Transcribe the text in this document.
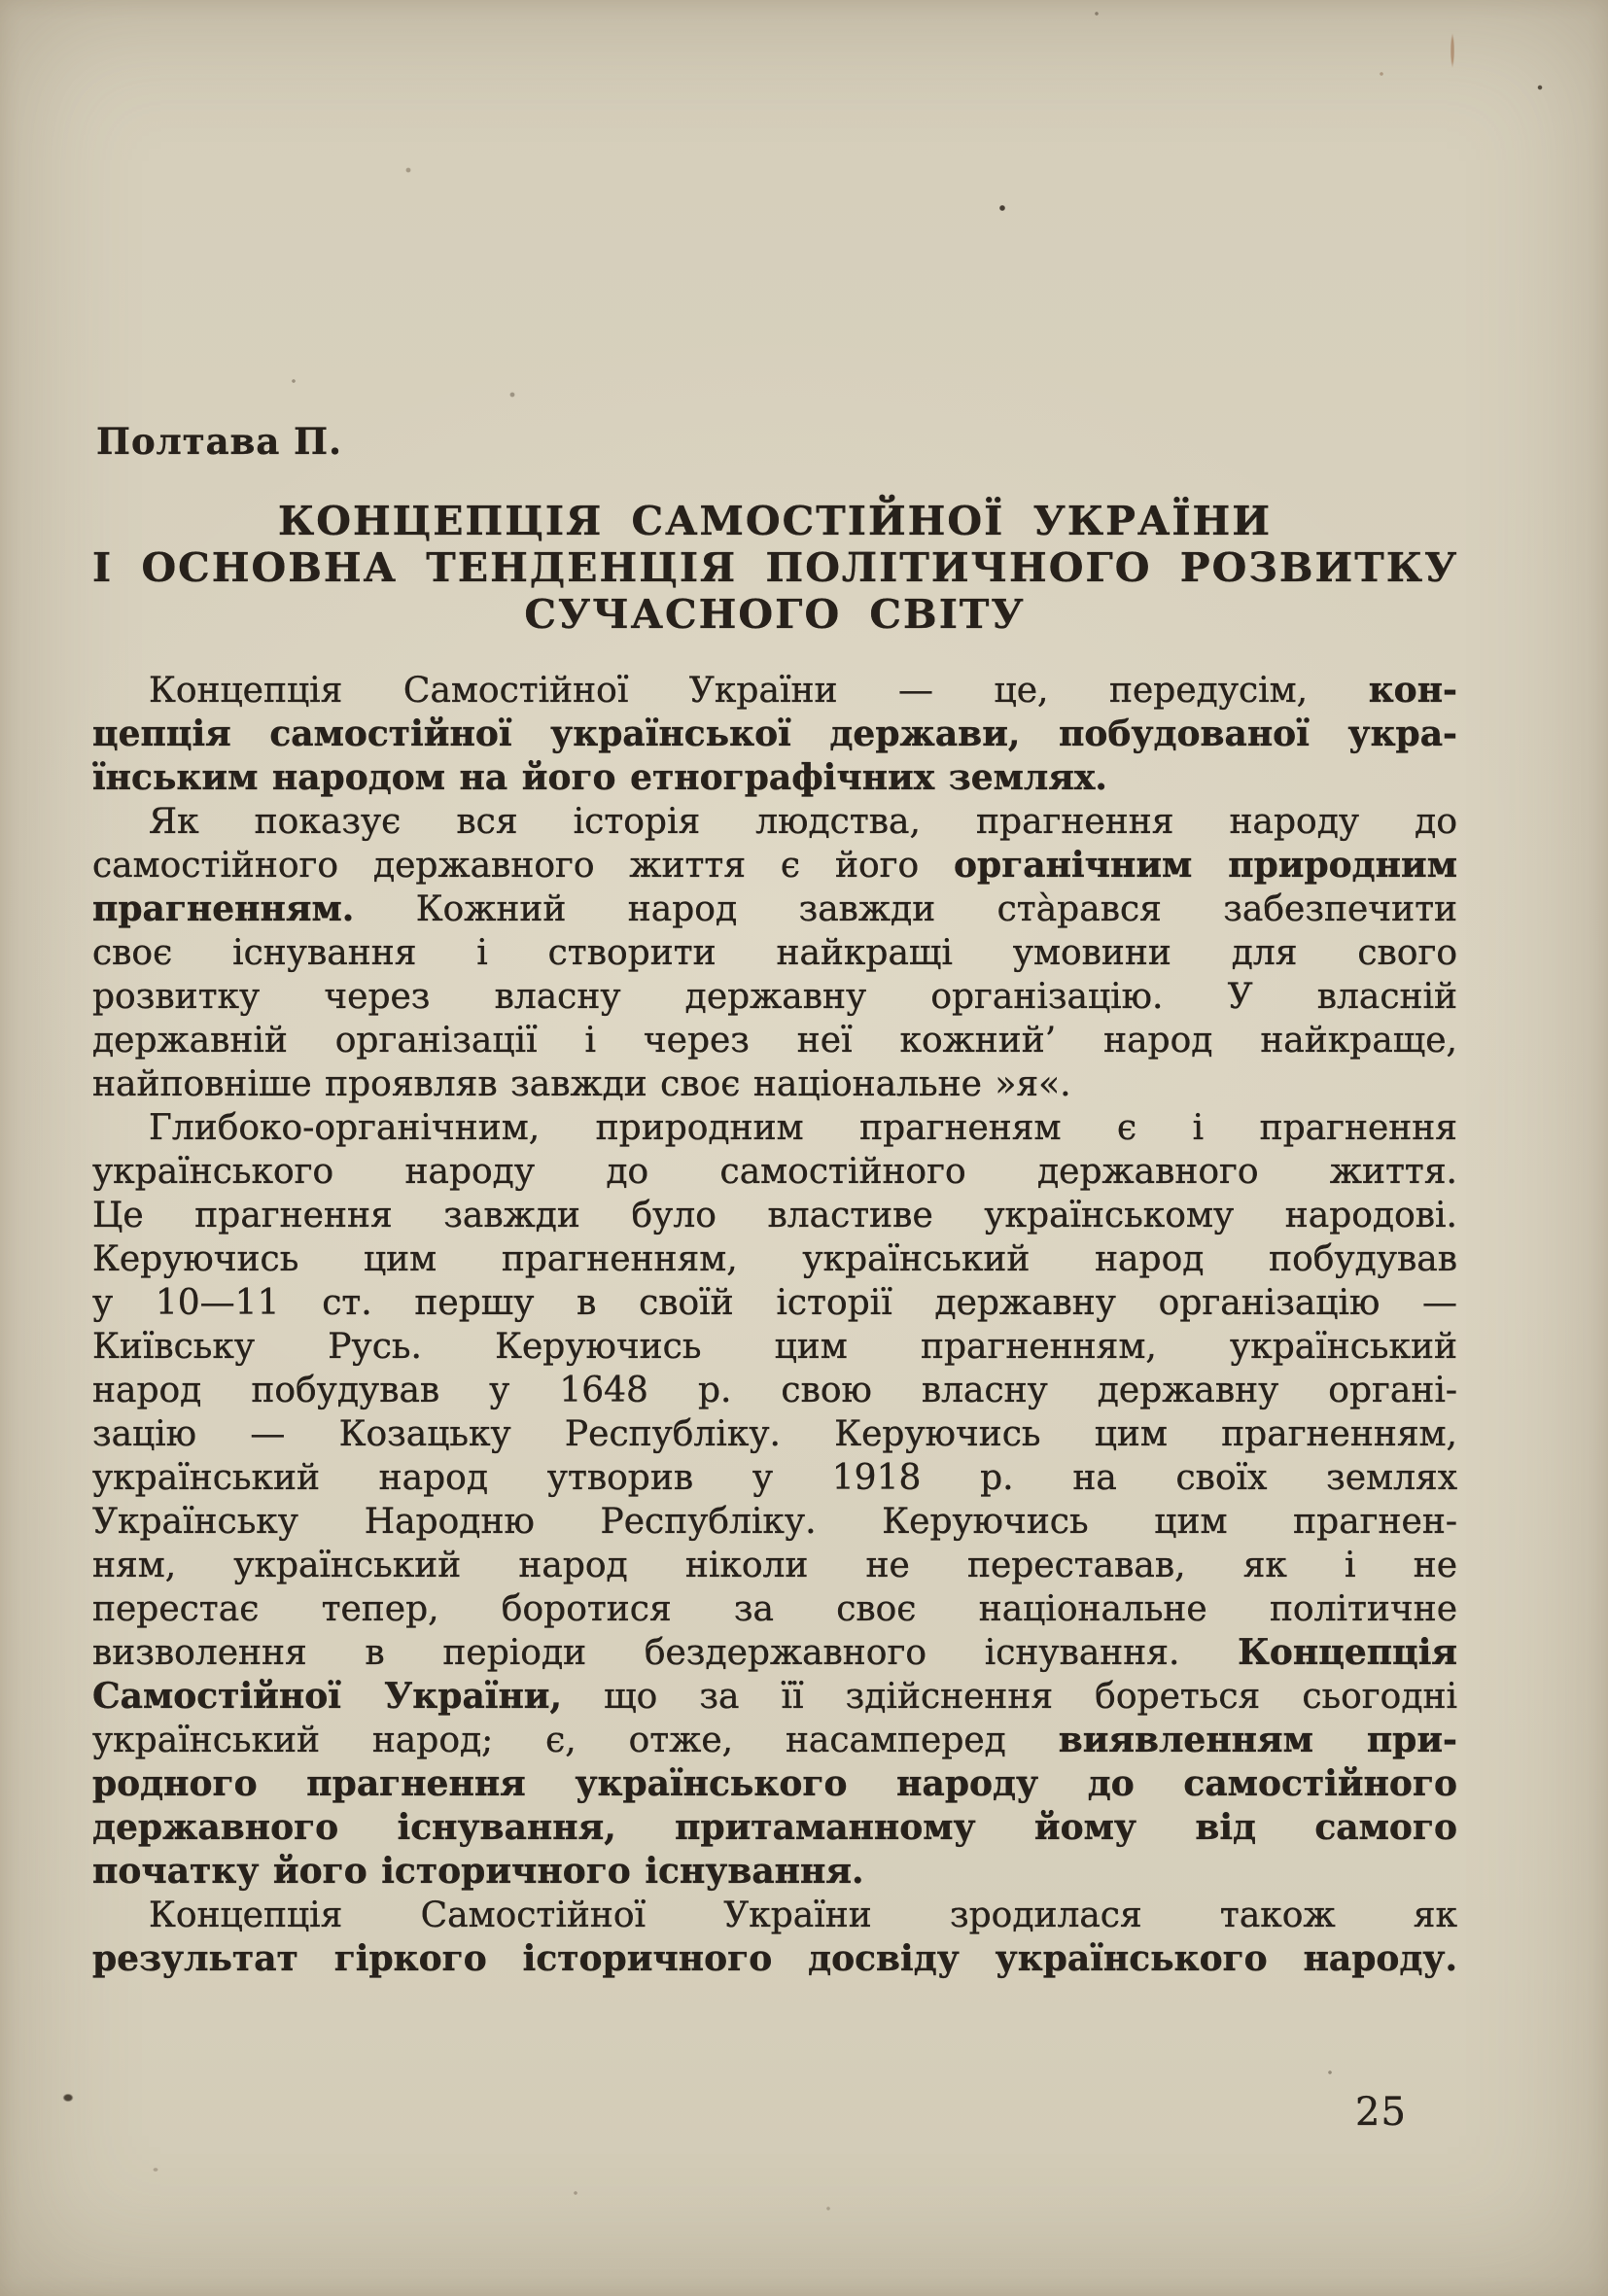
Полтава П.
КОНЦЕПЦІЯ САМОСТІЙНОЇ УКРАЇНИ
І ОСНОВНА ТЕНДЕНЦІЯ ПОЛІТИЧНОГО РОЗВИТКУ
СУЧАСНОГО СВІТУ
Концепція Самостійної України — це, передусім, кон-
цепція самостійної української держави, побудованої укра-
їнським народом на його етнографічних землях.
Як показує вся історія людства, прагнення народу до
самостійного державного життя є його органічним природним
прагненням. Кожний народ завжди ста̀рався забезпечити
своє існування і створити найкращі умовини для свого
розвитку через власну державну організацію. У власній
державній організації і через неї кожний’ народ найкраще,
найповніше проявляв завжди своє національне »я«.
Глибоко-органічним, природним прагненям є і прагнення
українського народу до самостійного державного життя.
Це прагнення завжди було властиве українському народові.
Керуючись цим прагненням, український народ побудував
у 10—11 ст. першу в своїй історії державну організацію —
Київську Русь. Керуючись цим прагненням, український
народ побудував у 1648 р. свою власну державну органі-
зацію — Козацьку Республіку. Керуючись цим прагненням,
український народ утворив у 1918 р. на своїх землях
Українську Народню Республіку. Керуючись цим прагнен-
ням, український народ ніколи не переставав, як і не
перестає тепер, боротися за своє національне політичне
визволення в періоди бездержавного існування. Концепція
Самостійної України, що за її здійснення бореться сьогодні
український народ; є, отже, насамперед виявленням при-
родного прагнення українського народу до самостійного
державного існування, притаманному йому від самого
початку його історичного існування.
Концепція Самостійної України зродилася також як
результат гіркого історичного досвіду українського народу.
25
